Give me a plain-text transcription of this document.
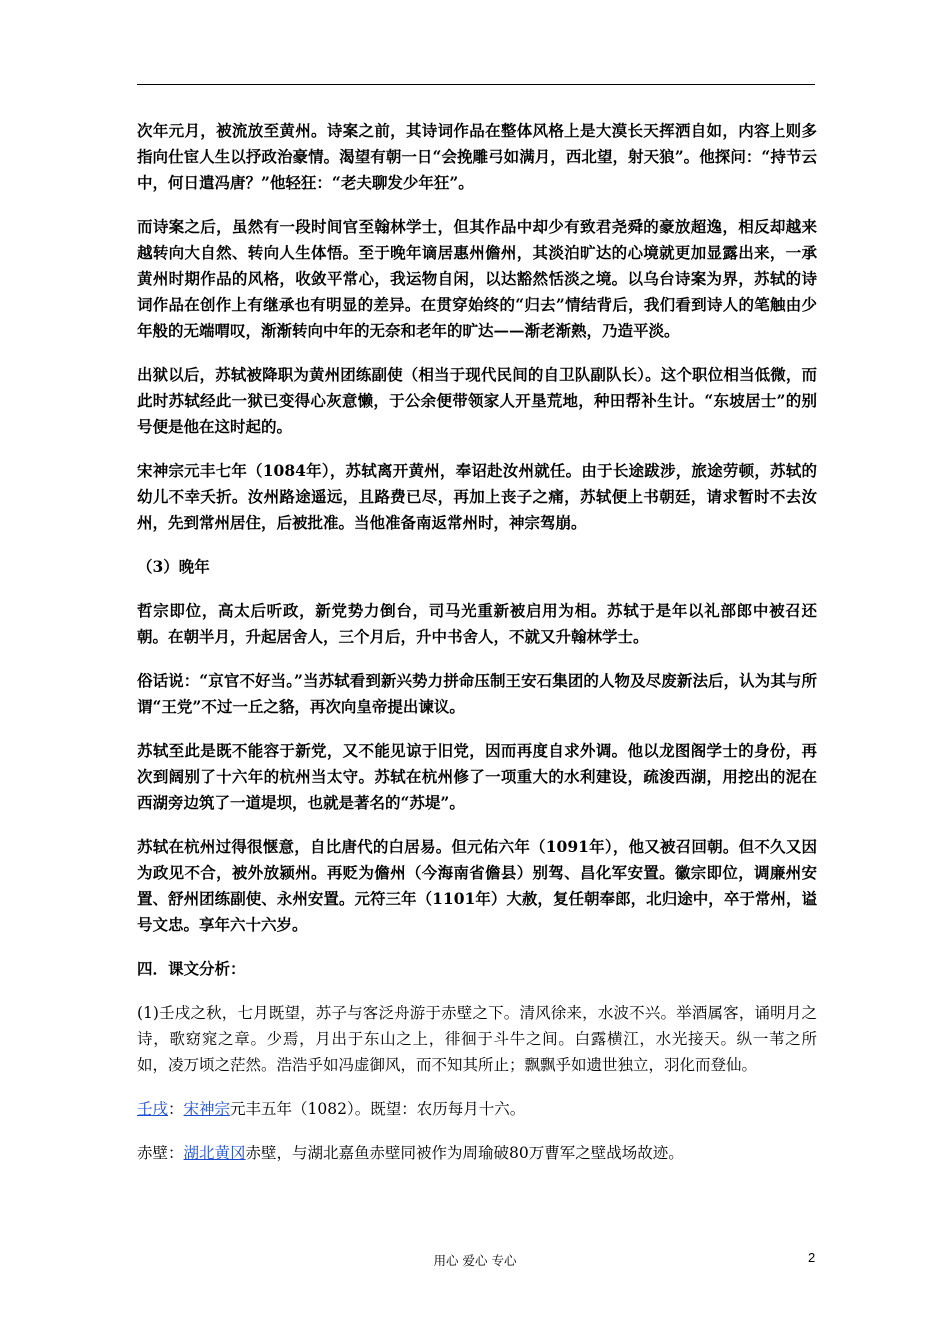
次年元月，被流放至黄州。诗案之前，其诗词作品在整体风格上是大漠长天挥洒自如，内容上则多指向仕宦人生以抒政治豪情。渴望有朝一日“会挽雕弓如满月，西北望，射天狼”。他探问：“持节云中，何日遣冯唐？”他轻狂：“老夫聊发少年狂”。

而诗案之后，虽然有一段时间官至翰林学士，但其作品中却少有致君尧舜的豪放超逸，相反却越来越转向大自然、转向人生体悟。至于晚年谪居惠州儋州，其淡泊旷达的心境就更加显露出来，一承黄州时期作品的风格，收敛平常心，我运物自闲，以达豁然恬淡之境。以乌台诗案为界，苏轼的诗词作品在创作上有继承也有明显的差异。在贯穿始终的“归去”情结背后，我们看到诗人的笔触由少年般的无端喟叹，渐渐转向中年的无奈和老年的旷达——渐老渐熟，乃造平淡。

出狱以后，苏轼被降职为黄州团练副使（相当于现代民间的自卫队副队长）。这个职位相当低微，而此时苏轼经此一狱已变得心灰意懒，于公余便带领家人开垦荒地，种田帮补生计。“东坡居士”的别号便是他在这时起的。

宋神宗元丰七年（1084年），苏轼离开黄州，奉诏赴汝州就任。由于长途跋涉，旅途劳顿，苏轼的幼儿不幸夭折。汝州路途遥远，且路费已尽，再加上丧子之痛，苏轼便上书朝廷，请求暂时不去汝州，先到常州居住，后被批准。当他准备南返常州时，神宗驾崩。

（3）晚年

哲宗即位，高太后听政，新党势力倒台，司马光重新被启用为相。苏轼于是年以礼部郎中被召还朝。在朝半月，升起居舍人，三个月后，升中书舍人，不就又升翰林学士。

俗话说：“京官不好当。”当苏轼看到新兴势力拼命压制王安石集团的人物及尽废新法后，认为其与所谓“王党”不过一丘之貉，再次向皇帝提出谏议。

苏轼至此是既不能容于新党，又不能见谅于旧党，因而再度自求外调。他以龙图阁学士的身份，再次到阔别了十六年的杭州当太守。苏轼在杭州修了一项重大的水利建设，疏浚西湖，用挖出的泥在西湖旁边筑了一道堤坝，也就是著名的“苏堤”。

苏轼在杭州过得很惬意，自比唐代的白居易。但元佑六年（1091年），他又被召回朝。但不久又因为政见不合，被外放颍州。再贬为儋州（今海南省儋县）别驾、昌化军安置。徽宗即位，调廉州安置、舒州团练副使、永州安置。元符三年（1101年）大赦，复任朝奉郎，北归途中，卒于常州，谥号文忠。享年六十六岁。

四．课文分析：

(1)壬戌之秋，七月既望，苏子与客泛舟游于赤壁之下。清风徐来，水波不兴。举酒属客，诵明月之诗，歌窈窕之章。少焉，月出于东山之上，徘徊于斗牛之间。白露横江，水光接天。纵一苇之所如，凌万顷之茫然。浩浩乎如冯虚御风，而不知其所止；飘飘乎如遗世独立，羽化而登仙。

壬戌：宋神宗元丰五年（1082）。既望：农历每月十六。

赤壁：湖北黄冈赤壁，与湖北嘉鱼赤壁同被作为周瑜破80万曹军之壁战场故迹。

用心 爱心 专心	2
